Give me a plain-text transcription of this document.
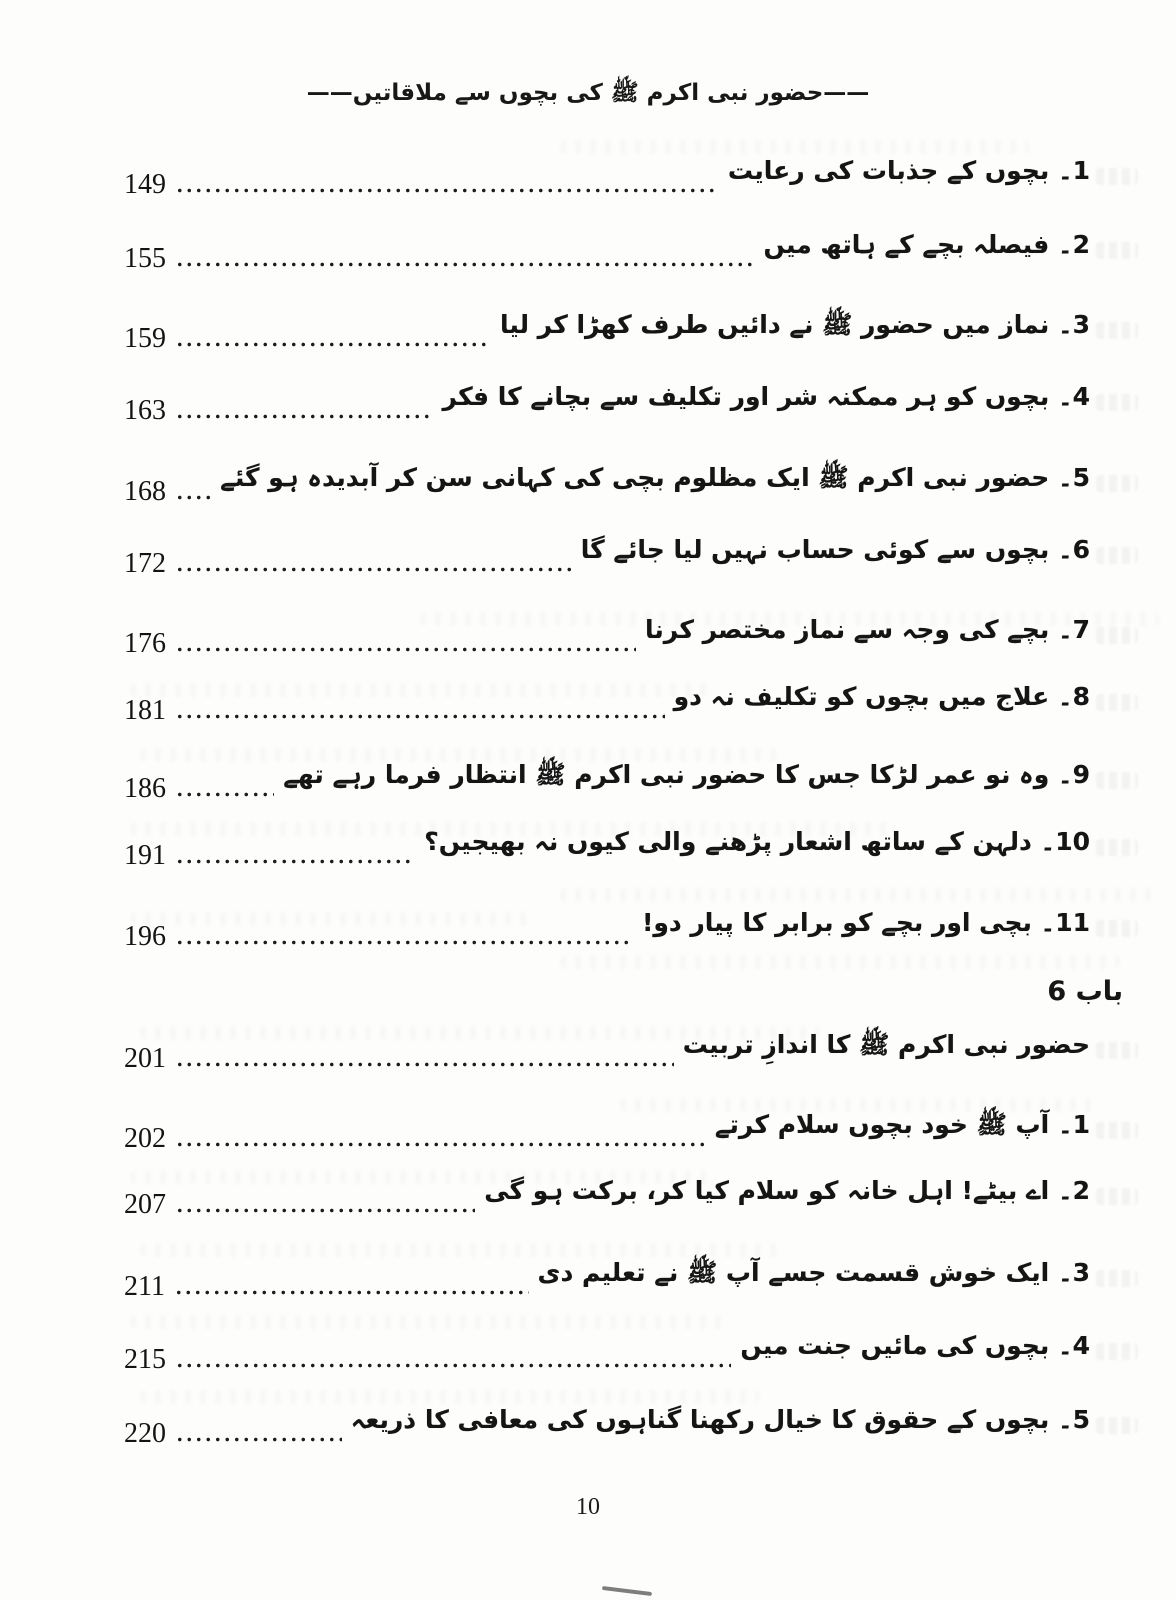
——حضور نبی اکرم ﷺ کی بچوں سے ملاقاتیں——
1۔ بچوں کے جذبات کی رعایت
149
2۔ فیصلہ بچے کے ہاتھ میں
155
3۔ نماز میں حضور ﷺ نے دائیں طرف کھڑا کر لیا
159
4۔ بچوں کو ہر ممکنہ شر اور تکلیف سے بچانے کا فکر
163
5۔ حضور نبی اکرم ﷺ ایک مظلوم بچی کی کہانی سن کر آبدیدہ ہو گئے
168
6۔ بچوں سے کوئی حساب نہیں لیا جائے گا
172
7۔ بچے کی وجہ سے نماز مختصر کرنا
176
8۔ علاج میں بچوں کو تکلیف نہ دو
181
9۔ وہ نو عمر لڑکا جس کا حضور نبی اکرم ﷺ انتظار فرما رہے تھے
186
10۔ دلہن کے ساتھ اشعار پڑھنے والی کیوں نہ بھیجیں؟
191
11۔ بچی اور بچے کو برابر کا پیار دو!
196
باب 6
حضور نبی اکرم ﷺ کا اندازِ تربیت
201
1۔ آپ ﷺ خود بچوں سلام کرتے
202
2۔ اے بیٹے! اہل خانہ کو سلام کیا کر، برکت ہو گی
207
3۔ ایک خوش قسمت جسے آپ ﷺ نے تعلیم دی
211
4۔ بچوں کی مائیں جنت میں
215
5۔ بچوں کے حقوق کا خیال رکھنا گناہوں کی معافی کا ذریعہ
220
10
